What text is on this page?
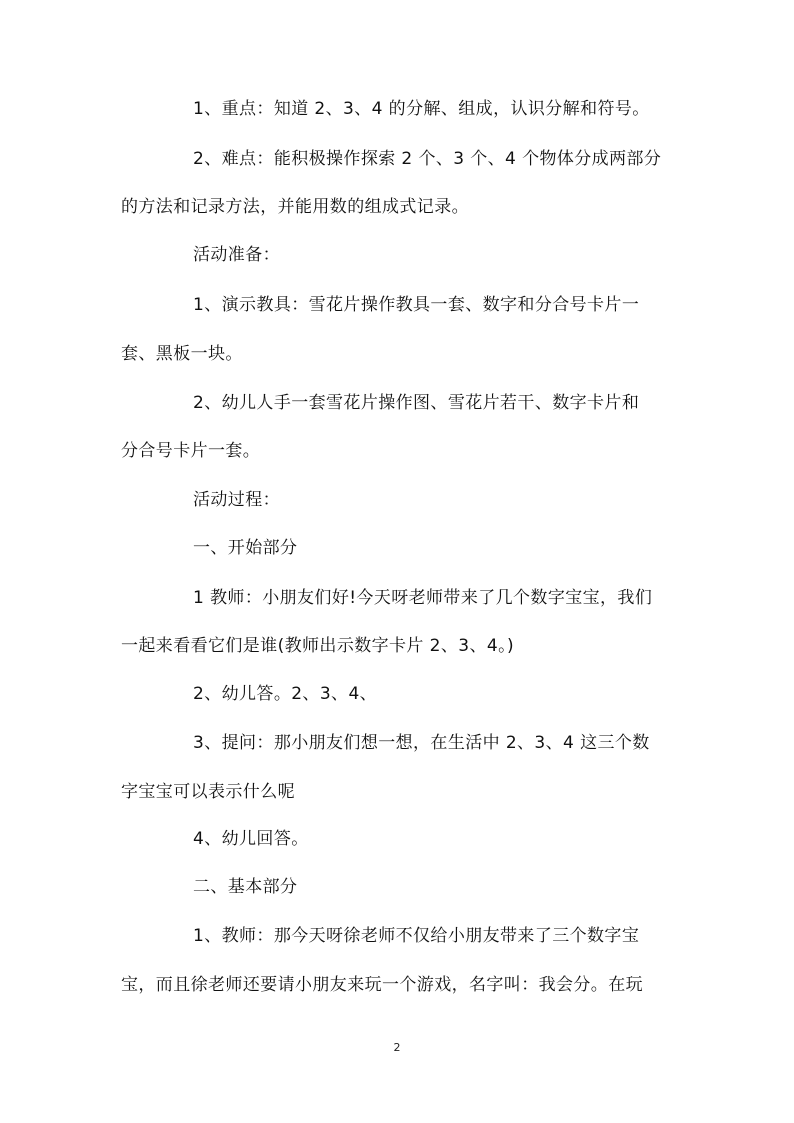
1、重点：知道 2、3、4 的分解、组成，认识分解和符号。
2、难点：能积极操作探索 2 个、3 个、4 个物体分成两部分
的方法和记录方法，并能用数的组成式记录。
活动准备：
1、演示教具：雪花片操作教具一套、数字和分合号卡片一
套、黑板一块。
2、幼儿人手一套雪花片操作图、雪花片若干、数字卡片和
分合号卡片一套。
活动过程：
一、开始部分
1 教师：小朋友们好!今天呀老师带来了几个数字宝宝，我们
一起来看看它们是谁(教师出示数字卡片 2、3、4。)
2、幼儿答。2、3、4、
3、提问：那小朋友们想一想，在生活中 2、3、4 这三个数
字宝宝可以表示什么呢
4、幼儿回答。
二、基本部分
1、教师：那今天呀徐老师不仅给小朋友带来了三个数字宝
宝，而且徐老师还要请小朋友来玩一个游戏，名字叫：我会分。在玩
2
